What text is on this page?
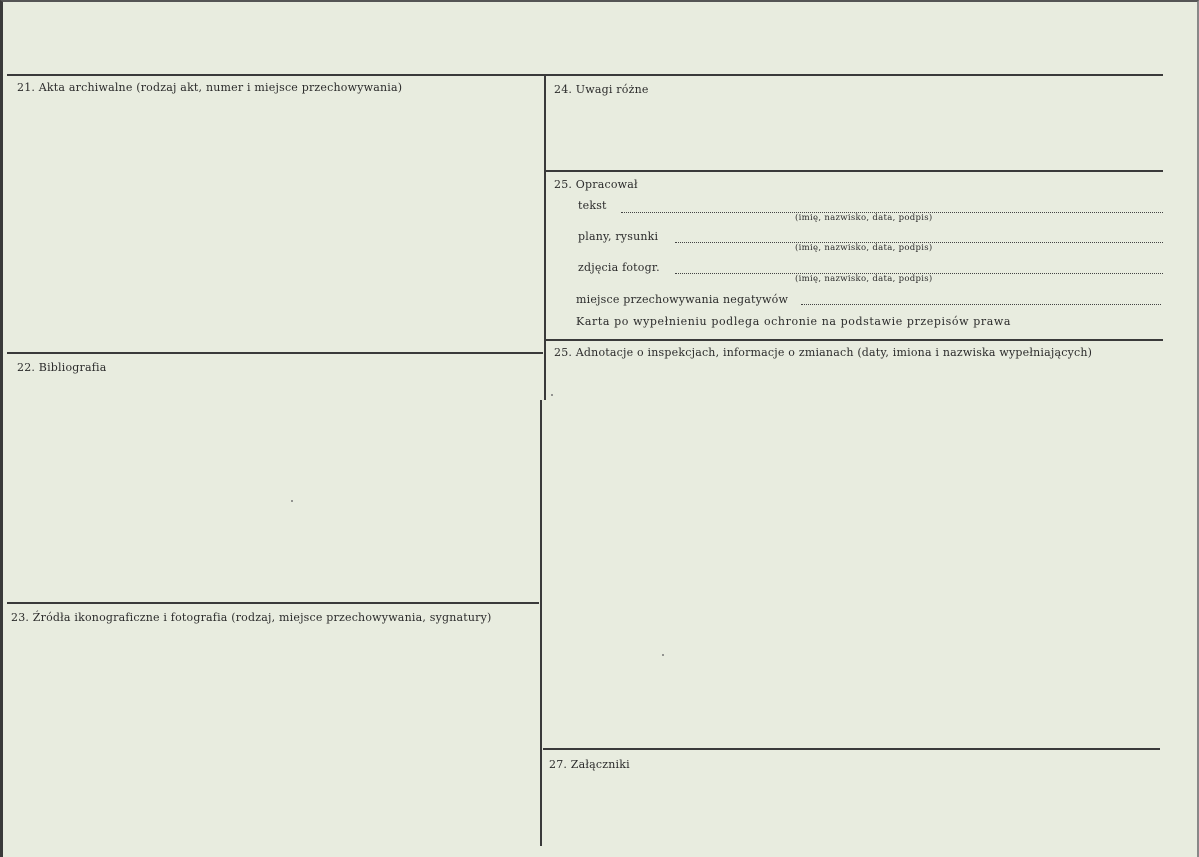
21. Akta archiwalne (rodzaj akt, numer i miejsce przechowywania)
22. Bibliografia
23. Źródła ikonograficzne i fotografia (rodzaj, miejsce przechowywania, sygnatury)
24. Uwagi różne
25. Opracował
25. Adnotacje o inspekcjach, informacje o zmianach (daty, imiona i nazwiska wypełniających)
27. Załączniki
tekst
(imię, nazwisko, data, podpis)
plany, rysunki
(imię, nazwisko, data, podpis)
zdjęcia fotogr.
(imię, nazwisko, data, podpis)
miejsce przechowywania negatywów
Karta po wypełnieniu podlega ochronie na podstawie przepisów prawa
